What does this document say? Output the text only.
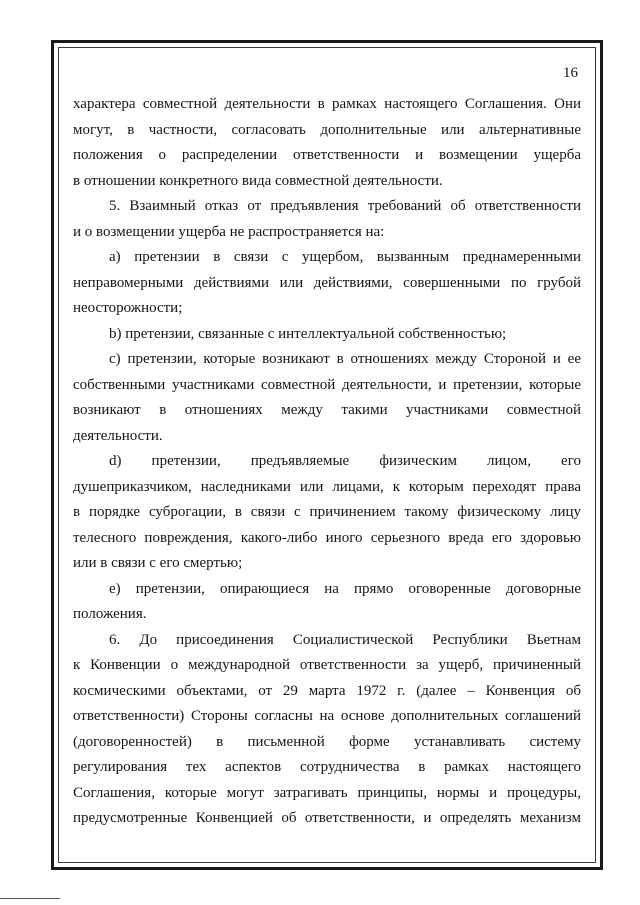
16
характера совместной деятельности в рамках настоящего Соглашения. Они
могут, в частности, согласовать дополнительные или альтернативные
положения о распределении ответственности и возмещении ущерба
в отношении конкретного вида совместной деятельности.
5. Взаимный отказ от предъявления требований об ответственности
и о возмещении ущерба не распространяется на:
a) претензии в связи с ущербом, вызванным преднамеренными
неправомерными действиями или действиями, совершенными по грубой
неосторожности;
b) претензии, связанные с интеллектуальной собственностью;
c) претензии, которые возникают в отношениях между Стороной и ее
собственными участниками совместной деятельности, и претензии, которые
возникают в отношениях между такими участниками совместной
деятельности.
d) претензии, предъявляемые физическим лицом, его
душеприказчиком, наследниками или лицами, к которым переходят права
в порядке суброгации, в связи с причинением такому физическому лицу
телесного повреждения, какого-либо иного серьезного вреда его здоровью
или в связи с его смертью;
e) претензии, опирающиеся на прямо оговоренные договорные
положения.
6. До присоединения Социалистической Республики Вьетнам
к Конвенции о международной ответственности за ущерб, причиненный
космическими объектами, от 29 марта 1972 г. (далее – Конвенция об
ответственности) Стороны согласны на основе дополнительных соглашений
(договоренностей) в письменной форме устанавливать систему
регулирования тех аспектов сотрудничества в рамках настоящего
Соглашения, которые могут затрагивать принципы, нормы и процедуры,
предусмотренные Конвенцией об ответственности, и определять механизм
